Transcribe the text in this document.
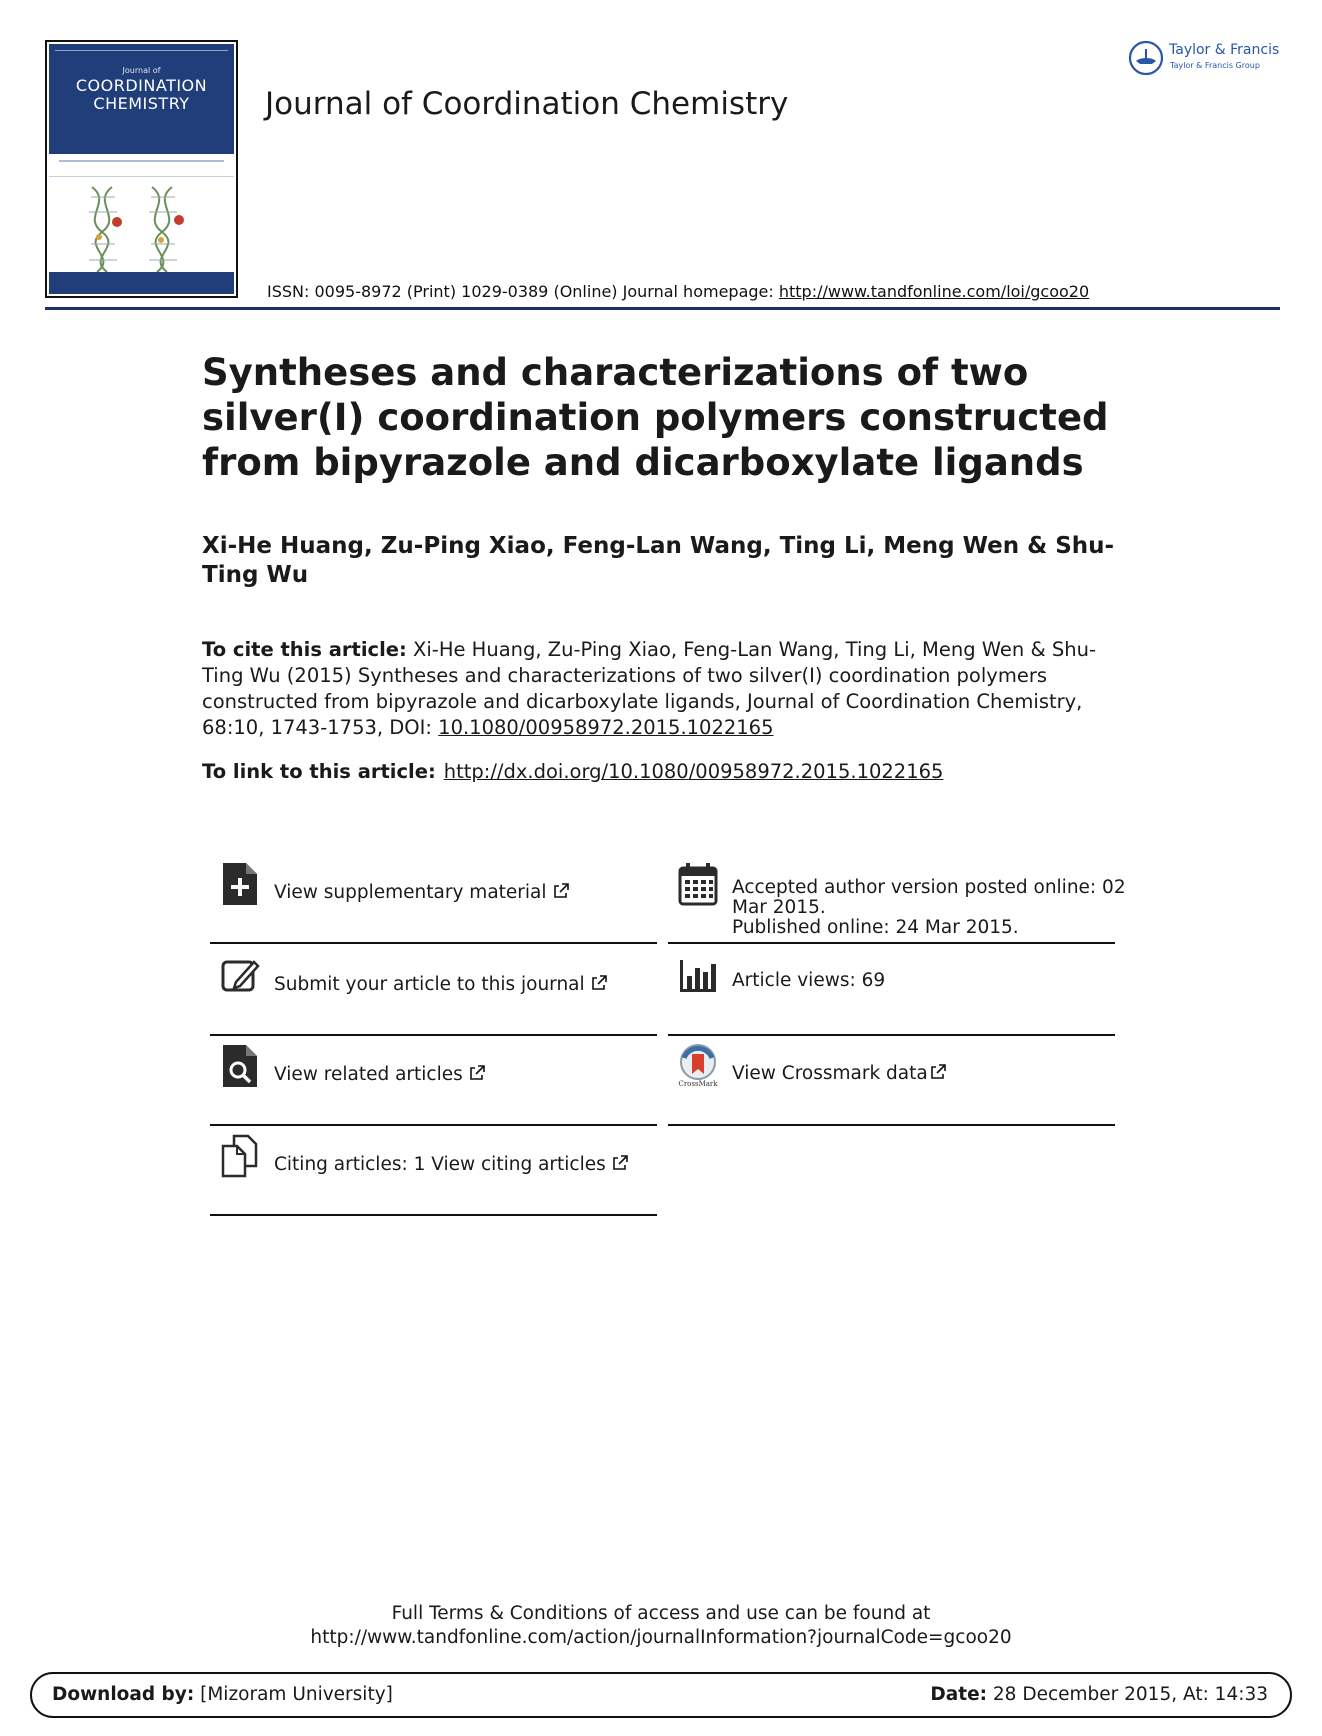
Journal of
COORDINATION
CHEMISTRY	Journal of Coordination Chemistry
ISSN: 0095-8972 (Print) 1029-0389 (Online) Journal homepage: http://www.tandfonline.com/loi/gcoo20
Taylor & Francis
Taylor & Francis Group
Syntheses and characterizations of two silver(I) coordination polymers constructed from bipyrazole and dicarboxylate ligands
Xi-He Huang, Zu-Ping Xiao, Feng-Lan Wang, Ting Li, Meng Wen & Shu-Ting Wu
To cite this article: Xi-He Huang, Zu-Ping Xiao, Feng-Lan Wang, Ting Li, Meng Wen & Shu-Ting Wu (2015) Syntheses and characterizations of two silver(I) coordination polymers constructed from bipyrazole and dicarboxylate ligands, Journal of Coordination Chemistry, 68:10, 1743-1753, DOI: 10.1080/00958972.2015.1022165
To link to this article: http://dx.doi.org/10.1080/00958972.2015.1022165
View supplementary material
Submit your article to this journal
View related articles
Citing articles: 1 View citing articles
Accepted author version posted online: 02
Mar 2015.
Published online: 24 Mar 2015.
Article views: 69
CrossMark View Crossmark data
Full Terms & Conditions of access and use can be found at
http://www.tandfonline.com/action/journalInformation?journalCode=gcoo20
Download by: [Mizoram University]	Date: 28 December 2015, At: 14:33
